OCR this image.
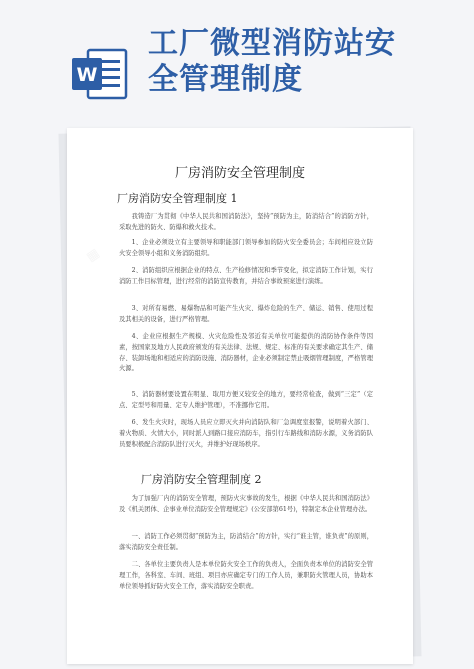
W
工厂微型消防站安
全管理制度
▦
厂房消防安全管理制度
厂房消防安全管理制度 1

我铸造厂为贯彻《中华人民共和国消防法》，坚持“预防为主，防消结合”的消防方针，采取先进的防火、防爆和救火技术。

1、企业必须设立有主要领导和职能部门领导参加的防火安全委员会；车间相应设立防火安全领导小组和义务消防组织。

2、消防组织应根据企业的特点、生产检修情况和季节变化，拟定消防工作计划，实行消防工作目标管理，进行经常的消防宣传教育，并结合事故预案进行演练。

3、对所有易燃、易爆物品和可能产生火灾、爆炸危险的生产、储运、销售、使用过程及其相关的设备，进行严格管理。

4、企业应根据生产规模、火灾危险性及邻近有关单位可能提供的消防协作条件等因素，按国家及地方人民政府颁发的有关法律、法规、规定、标准的有关要求确定其生产、储存、装卸场地和相适应的消防设施、消防器材，企业必须制定禁止吸烟管理制度，严格管理火源。

5、消防器材要设置在明显、取用方便又较安全的地方，要经常检查，做到“三定”（定点、定型号和用量、定专人维护管理），不准挪作它用。

6、发生火灾时，现场人员应立即灭火并向消防队和厂急调度室报警，说明着火部门、着火物质、火情大小，同时派人到路口接应消防车，指引行车路线和消防水源，义务消防队员要积极配合消防队进行灭火，并维护好现场秩序。

厂房消防安全管理制度 2

为了加强厂内的消防安全管理，预防火灾事故的发生，根据《中华人民共和国消防法》及《机关团体、企事业单位消防安全管理规定》(公安部第61号)，特制定本企业管理办法。

一、消防工作必须贯彻“预防为主，防消结合”的方针，实行“谁主管，谁负责”的原则，落实消防安全责任制。

二、各单位主要负责人是本单位防火安全工作的负责人，全面负责本单位的消防安全管理工作，各科室、车间、班组、项目亦应确定专门的工作人员，兼职防火管理人员，协助本单位领导抓好防火安全工作，落实消防安全职责。
